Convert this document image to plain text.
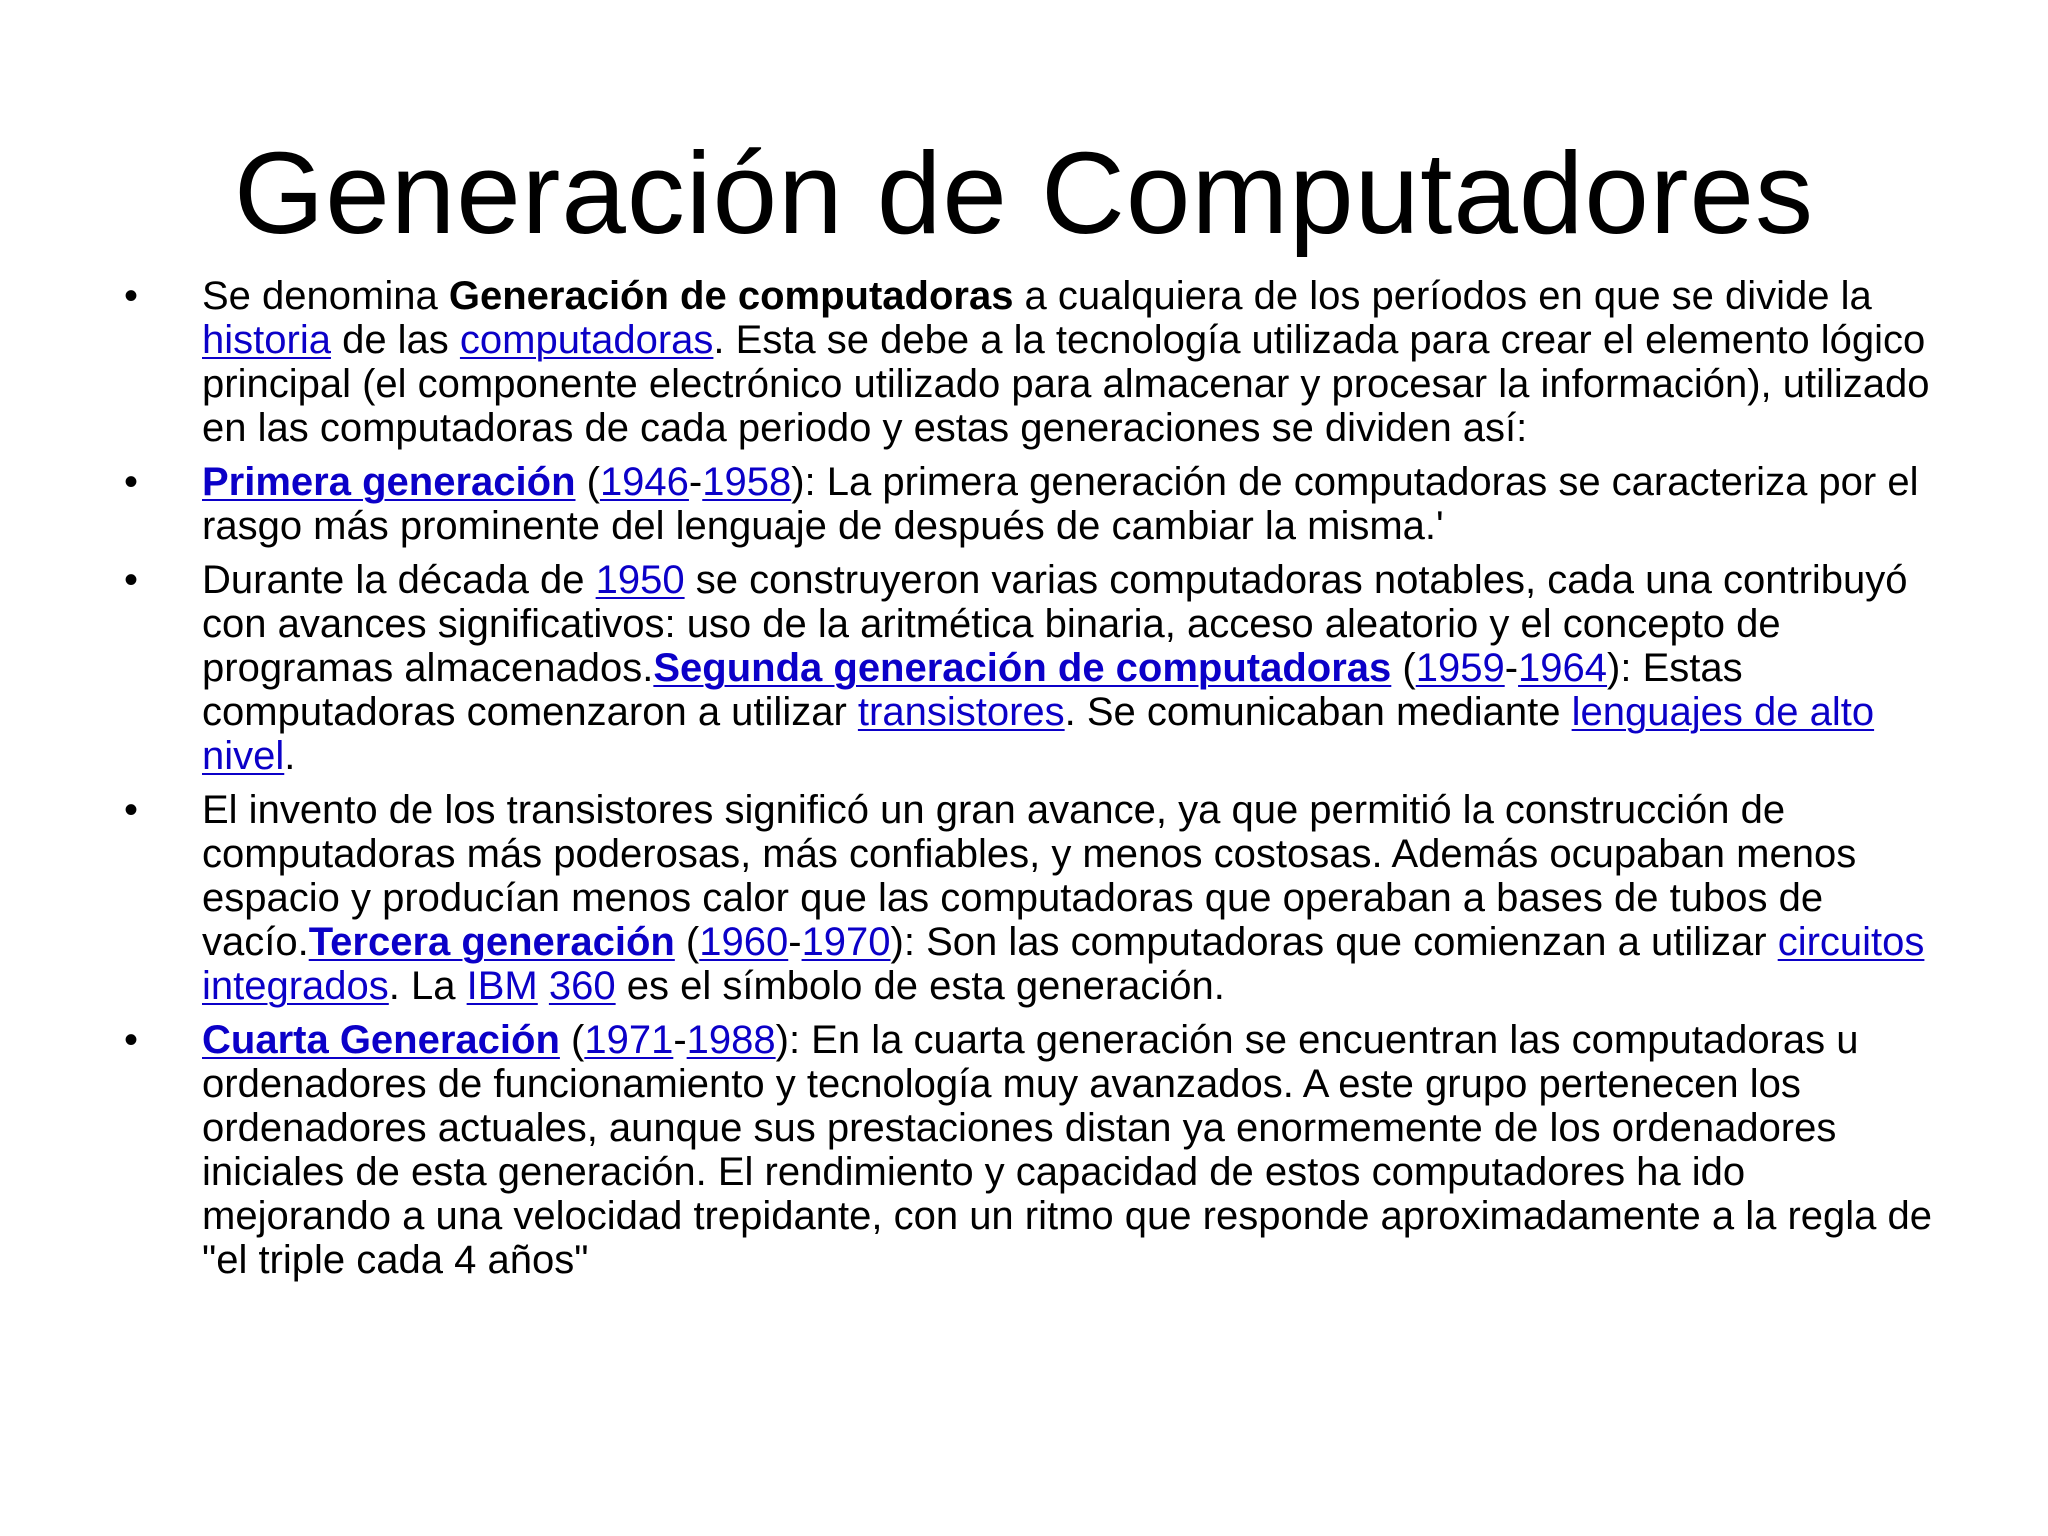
Generación de Computadores
• Se denomina Generación de computadoras a cualquiera de los períodos en que se divide la historia de las computadoras. Esta se debe a la tecnología utilizada para crear el elemento lógico principal (el componente electrónico utilizado para almacenar y procesar la información), utilizado en las computadoras de cada periodo y estas generaciones se dividen así:
• Primera generación (1946-1958): La primera generación de computadoras se caracteriza por el rasgo más prominente del lenguaje de después de cambiar la misma.'
• Durante la década de 1950 se construyeron varias computadoras notables, cada una contribuyó con avances significativos: uso de la aritmética binaria, acceso aleatorio y el concepto de programas almacenados.Segunda generación de computadoras (1959-1964): Estas computadoras comenzaron a utilizar transistores. Se comunicaban mediante lenguajes de alto nivel.
• El invento de los transistores significó un gran avance, ya que permitió la construcción de computadoras más poderosas, más confiables, y menos costosas. Además ocupaban menos espacio y producían menos calor que las computadoras que operaban a bases de tubos de vacío.Tercera generación (1960-1970): Son las computadoras que comienzan a utilizar circuitos integrados. La IBM 360 es el símbolo de esta generación.
• Cuarta Generación (1971-1988): En la cuarta generación se encuentran las computadoras u ordenadores de funcionamiento y tecnología muy avanzados. A este grupo pertenecen los ordenadores actuales, aunque sus prestaciones distan ya enormemente de los ordenadores iniciales de esta generación. El rendimiento y capacidad de estos computadores ha ido mejorando a una velocidad trepidante, con un ritmo que responde aproximadamente a la regla de "el triple cada 4 años"
